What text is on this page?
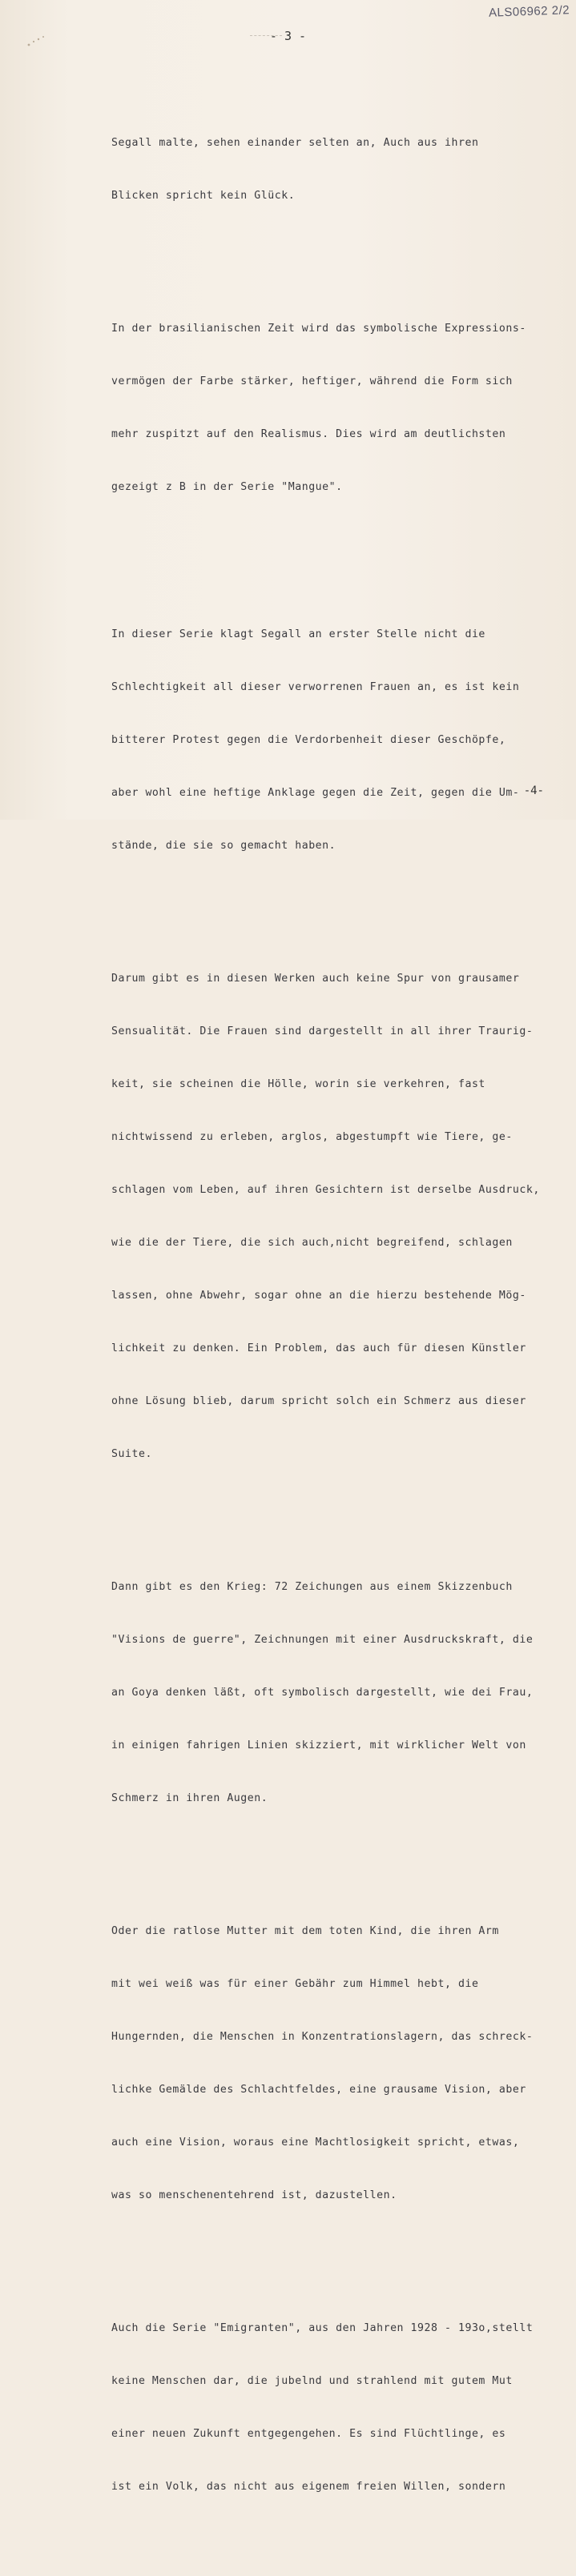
ALS06962 2/2
- 3 -

Segall malte, sehen einander selten an, Auch aus ihren

Blicken spricht kein Glück.

In der brasilianischen Zeit wird das symbolische Expressions-

vermögen der Farbe stärker, heftiger, während die Form sich

mehr zuspitzt auf den Realismus. Dies wird am deutlichsten

gezeigt z B in der Serie "Mangue".

In dieser Serie klagt Segall an erster Stelle nicht die

Schlechtigkeit all dieser verworrenen Frauen an, es ist kein

bitterer Protest gegen die Verdorbenheit dieser Geschöpfe,

aber wohl eine heftige Anklage gegen die Zeit, gegen die Um-

stände, die sie so gemacht haben.

Darum gibt es in diesen Werken auch keine Spur von grausamer

Sensualität. Die Frauen sind dargestellt in all ihrer Traurig-

keit, sie scheinen die Hölle, worin sie verkehren, fast

nichtwissend zu erleben, arglos, abgestumpft wie Tiere, ge-

schlagen vom Leben, auf ihren Gesichtern ist derselbe Ausdruck,

wie die der Tiere, die sich auch,nicht begreifend, schlagen

lassen, ohne Abwehr, sogar ohne an die hierzu bestehende Mög-

lichkeit zu denken. Ein Problem, das auch für diesen Künstler

ohne Lösung blieb, darum spricht solch ein Schmerz aus dieser

Suite.

Dann gibt es den Krieg: 72 Zeichungen aus einem Skizzenbuch

"Visions de guerre", Zeichnungen mit einer Ausdruckskraft, die

an Goya denken läßt, oft symbolisch dargestellt, wie dei Frau,

in einigen fahrigen Linien skizziert, mit wirklicher Welt von

Schmerz in ihren Augen.

Oder die ratlose Mutter mit dem toten Kind, die ihren Arm

mit wei weiß was für einer Gebähr zum Himmel hebt, die

Hungernden, die Menschen in Konzentrationslagern, das schreck-

lichke Gemälde des Schlachtfeldes, eine grausame Vision, aber

auch eine Vision, woraus eine Machtlosigkeit spricht, etwas,

was so menschenentehrend ist, dazustellen.

Auch die Serie "Emigranten", aus den Jahren 1928 - 193o,stellt

keine Menschen dar, die jubelnd und strahlend mit gutem Mut

einer neuen Zukunft entgegengehen. Es sind Flüchtlinge, es

ist ein Volk, das nicht aus eigenem freien Willen, sondern

-4-
